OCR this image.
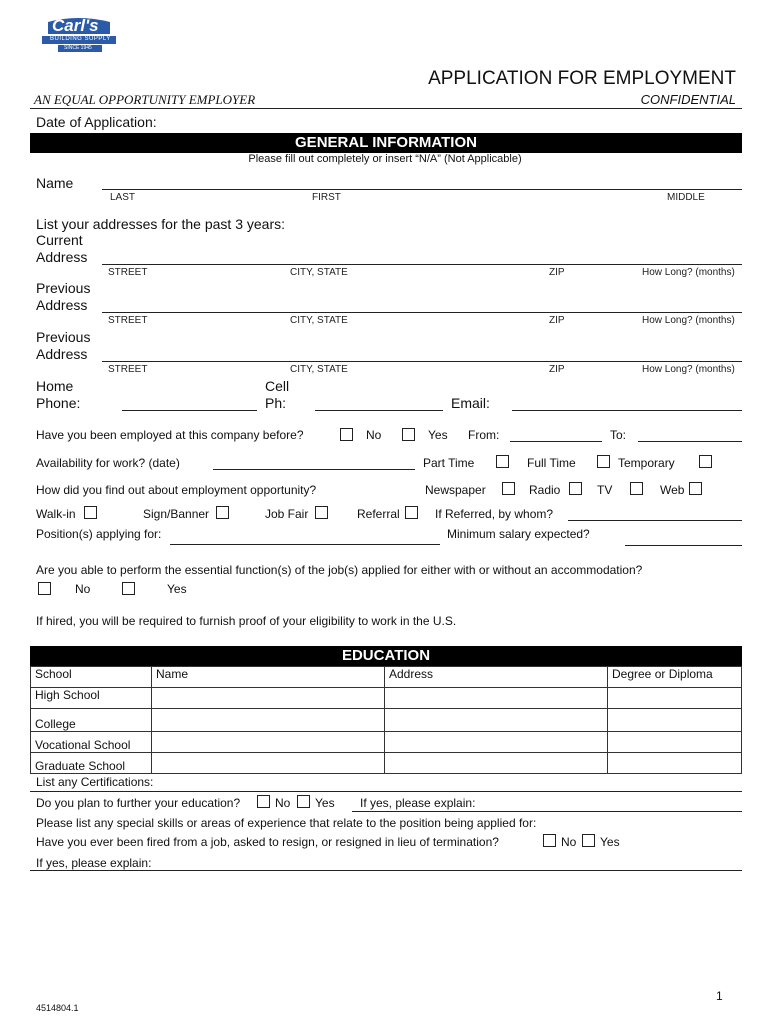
Carl's
BUILDING SUPPLY
SINCE 1945
APPLICATION FOR EMPLOYMENT
AN EQUAL OPPORTUNITY EMPLOYER	CONFIDENTIAL
Date of Application:
GENERAL INFORMATION
Please fill out completely or insert “N/A” (Not Applicable)
Name
LAST	FIRST	MIDDLE
List your addresses for the past 3 years:
Current
Address
STREET	CITY, STATE	ZIP	How Long? (months)
Previous
Address
STREET	CITY, STATE	ZIP	How Long? (months)
Previous
Address
STREET	CITY, STATE	ZIP	How Long? (months)
Home
Phone:
Cell
Ph:	Email:
Have you been employed at this company before?	No	Yes From:	To:
Availability for work? (date)	Part Time	Full Time	Temporary
How did you find out about employment opportunity?	Newspaper	Radio	TV	Web
Walk-in	Sign/Banner	Job Fair	Referral	If Referred, by whom?
Position(s) applying for:	Minimum salary expected?
Are you able to perform the essential function(s) of the job(s) applied for either with or without an accommodation?
No	Yes
If hired, you will be required to furnish proof of your eligibility to work in the U.S.
EDUCATION
School	Name	Address	Degree or Diploma
High School			
College			
Vocational School			
Graduate School			
List any Certifications:
Do you plan to further your education?	No Yes If yes, please explain:
Please list any special skills or areas of experience that relate to the position being applied for:
Have you ever been fired from a job, asked to resign, or resigned in lieu of termination?	No Yes
If yes, please explain:
1
4514804.1
